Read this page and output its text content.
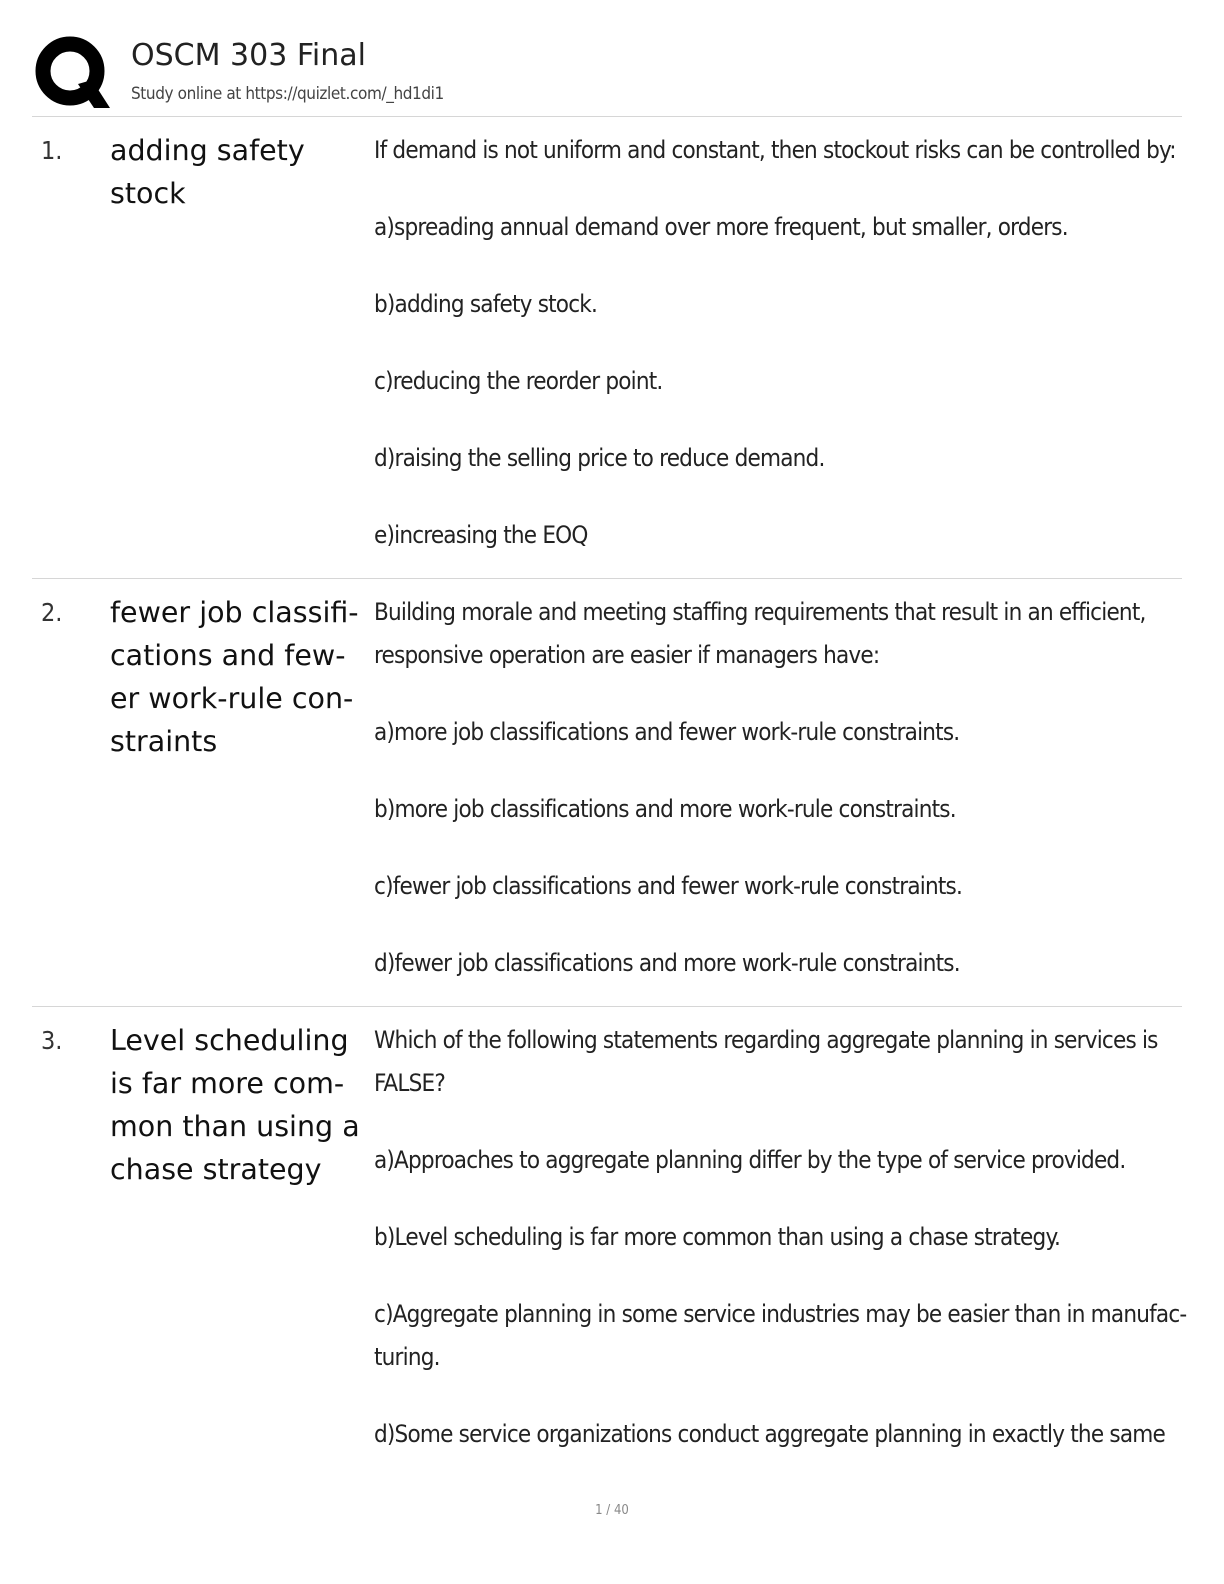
OSCM 303 Final
Study online at https://quizlet.com/_hd1di1
1. adding safety
stock
If demand is not uniform and constant, then stockout risks can be controlled by:
a)spreading annual demand over more frequent, but smaller, orders.
b)adding safety stock.
c)reducing the reorder point.
d)raising the selling price to reduce demand.
e)increasing the EOQ
2. fewer job classifi-
cations and few-
er work-rule con-
straints
Building morale and meeting staffing requirements that result in an efficient,
responsive operation are easier if managers have:
a)more job classifications and fewer work-rule constraints.
b)more job classifications and more work-rule constraints.
c)fewer job classifications and fewer work-rule constraints.
d)fewer job classifications and more work-rule constraints.
3. Level scheduling
is far more com-
mon than using a
chase strategy
Which of the following statements regarding aggregate planning in services is
FALSE?
a)Approaches to aggregate planning differ by the type of service provided.
b)Level scheduling is far more common than using a chase strategy.
c)Aggregate planning in some service industries may be easier than in manufac-
turing.
d)Some service organizations conduct aggregate planning in exactly the same
1 / 40
